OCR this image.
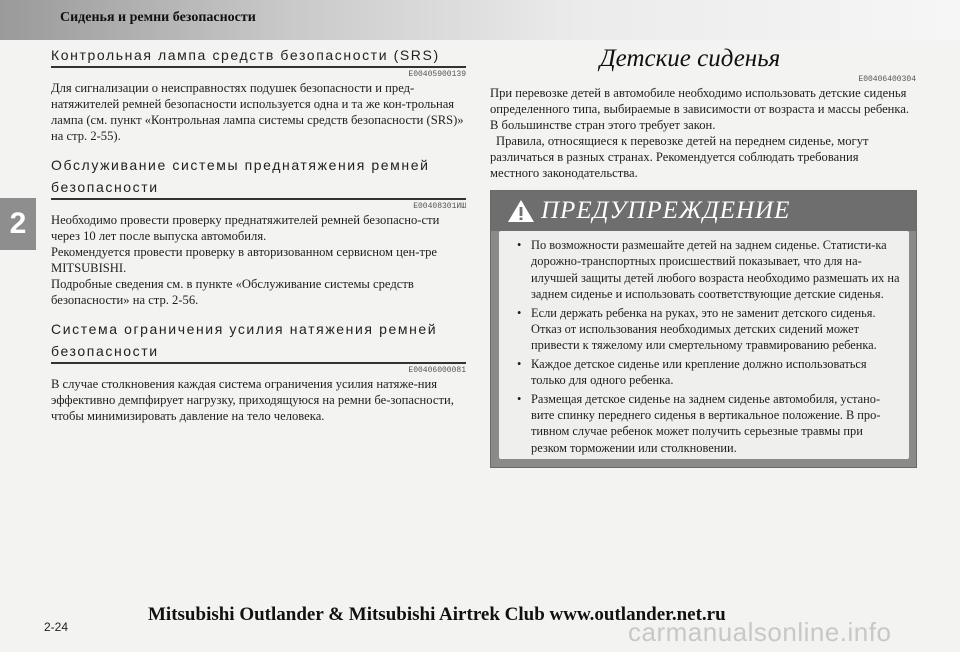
Сиденья и ремни безопасности
2
Контрольная лампа средств безопасности (SRS)
E00405900139

Для сигнализации о неисправностях подушек безопасности и пред-натяжителей ремней безопасности используется одна и та же кон-трольная лампа (см. пункт «Контрольная лампа системы средств безопасности (SRS)» на стр. 2-55).

Обслуживание системы преднатяжения ремней
безопасности
E00408301ИШ

Необходимо провести проверку преднатяжителей ремней безопасно-сти через 10 лет после выпуска автомобиля.

Рекомендуется провести проверку в авторизованном сервисном цен-тре MITSUBISHI.

Подробные сведения см. в пункте «Обслуживание системы средств безопасности» на стр. 2-56.

Система ограничения усилия натяжения ремней
безопасности
E00406000081

В случае столкновения каждая система ограничения усилия натяже-ния эффективно демпфирует нагрузку, приходящуюся на ремни бе-зопасности, чтобы минимизировать давление на тело человека.

Детские сиденья
E00406400304

При перевозке детей в автомобиле необходимо использовать детские сиденья определенного типа, выбираемые в зависимости от возраста и массы ребенка. В большинстве стран этого требует закон.

Правила, относящиеся к перевозке детей на переднем сиденье, могут различаться в разных странах. Рекомендуется соблюдать требования местного законодательства.

ПРЕДУПРЕЖДЕНИЕ
• По возможности размешайте детей на заднем сиденье. Статисти-ка дорожно-транспортных происшествий показывает, что для на-илучшей защиты детей любого возраста необходимо размешать их на заднем сиденье и использовать соответствующие детские сиденья.
• Если держать ребенка на руках, это не заменит детского сиденья. Отказ от использования необходимых детских сидений может привести к тяжелому или смертельному травмированию ребенка.
• Каждое детское сиденье или крепление должно использоваться только для одного ребенка.
• Размещая детское сиденье на заднем сиденье автомобиля, устано-вите спинку переднего сиденья в вертикальное положение. В про-тивном случае ребенок может получить серьезные травмы при резком торможении или столкновении.
2-24
Mitsubishi Outlander & Mitsubishi Airtrek Club www.outlander.net.ru
carmanualsonline.info
